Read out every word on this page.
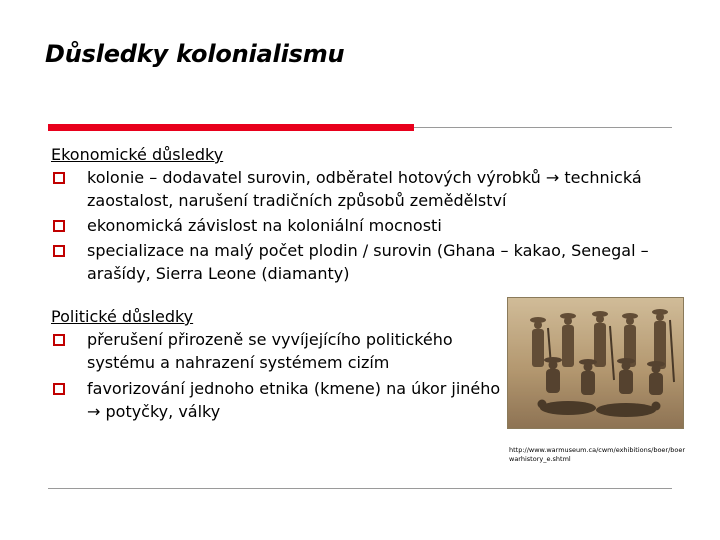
Důsledky kolonialismu
Ekonomické důsledky
kolonie – dodavatel surovin, odběratel hotových výrobků → technická zaostalost, narušení tradičních způsobů zemědělství
ekonomická závislost na koloniální mocnosti
specializace na malý počet plodin / surovin (Ghana – kakao, Senegal – arašídy, Sierra Leone (diamanty)
Politické důsledky
přerušení přirozeně se vyvíjejícího politického systému a nahrazení systémem cizím
favorizování jednoho etnika (kmene) na úkor jiného → potyčky, války
http://www.warmuseum.ca/cwm/exhibitions/boer/boerwarhistory_e.shtml
